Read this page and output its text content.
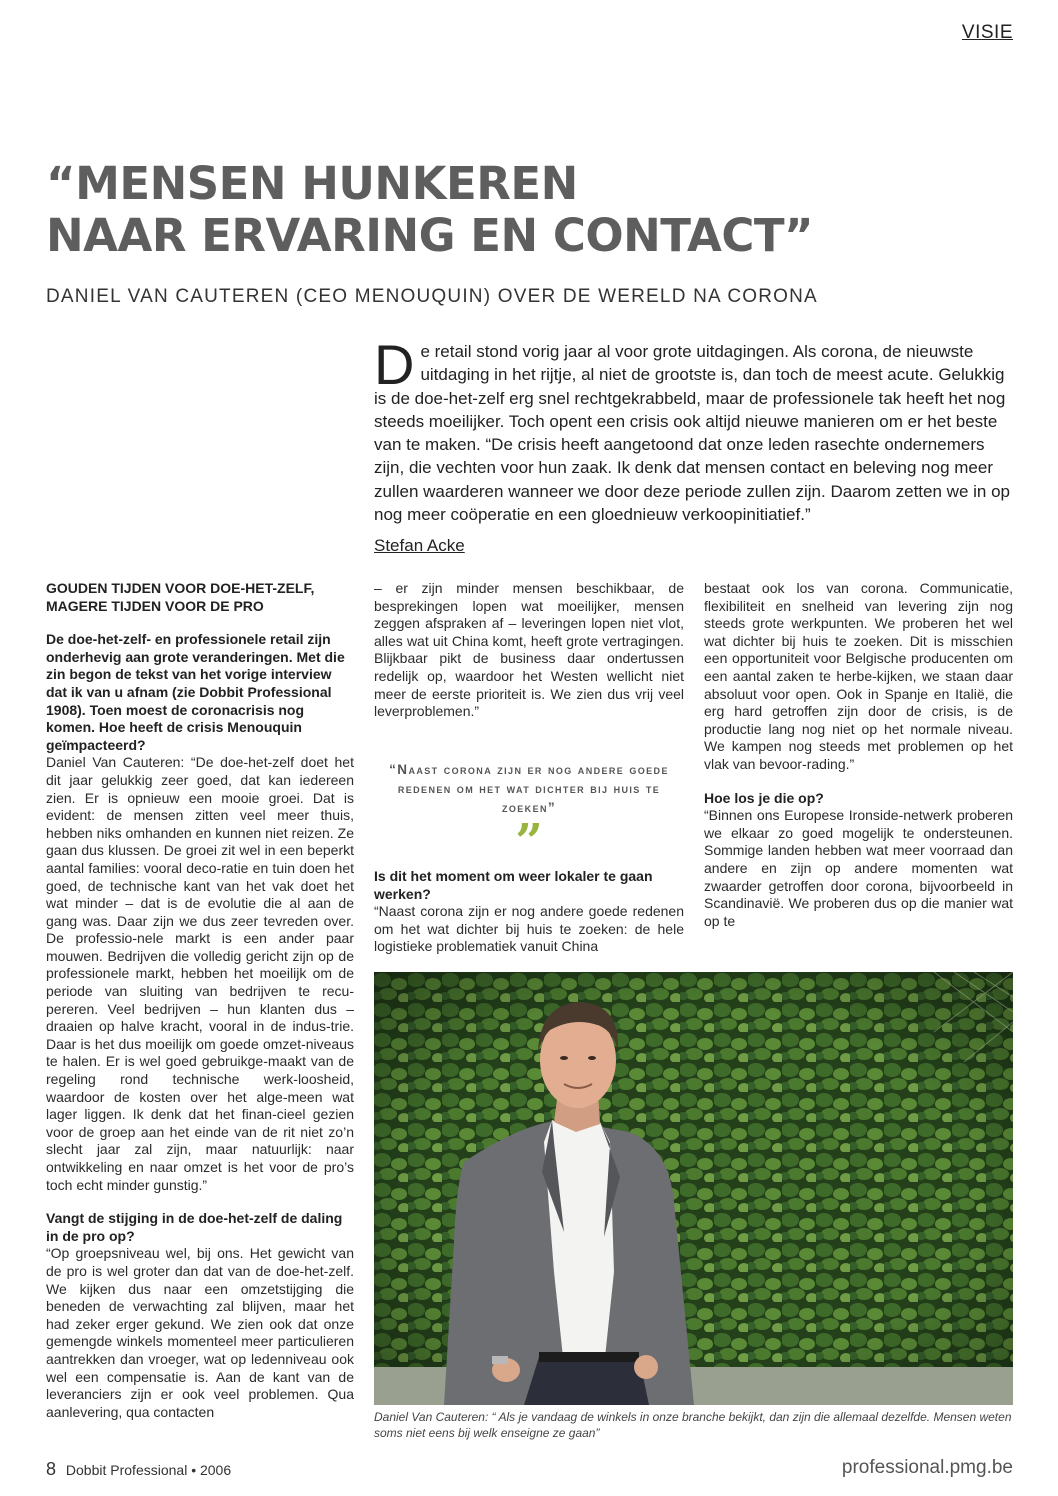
VISIE
“MENSEN HUNKEREN
NAAR ERVARING EN CONTACT”
DANIEL VAN CAUTEREN (CEO MENOUQUIN) OVER DE WERELD NA CORONA
De retail stond vorig jaar al voor grote uitdagingen. Als corona, de nieuwste uitdaging in het rijtje, al niet de grootste is, dan toch de meest acute. Gelukkig is de doe-het-zelf erg snel rechtgekrabbeld, maar de professionele tak heeft het nog steeds moeilijker. Toch opent een crisis ook altijd nieuwe manieren om er het beste van te maken. “De crisis heeft aangetoond dat onze leden rasechte ondernemers zijn, die vechten voor hun zaak. Ik denk dat mensen contact en beleving nog meer zullen waarderen wanneer we door deze periode zullen zijn. Daarom zetten we in op nog meer coöperatie en een gloednieuw verkoopinitiatief.”
Stefan Acke

GOUDEN TIJDEN VOOR DOE-HET-ZELF, MAGERE TIJDEN VOOR DE PRO

De doe-het-zelf- en professionele retail zijn onderhevig aan grote veranderingen. Met die zin begon de tekst van het vorige interview dat ik van u afnam (zie Dobbit Professional 1908). Toen moest de coronacrisis nog komen. Hoe heeft de crisis Menouquin geïmpacteerd?

Daniel Van Cauteren: “De doe-het-zelf doet het dit jaar gelukkig zeer goed, dat kan iedereen zien. Er is opnieuw een mooie groei. Dat is evident: de mensen zitten veel meer thuis, hebben niks omhanden en kunnen niet reizen. Ze gaan dus klussen. De groei zit wel in een beperkt aantal families: vooral deco-ratie en tuin doen het goed, de technische kant van het vak doet het wat minder – dat is de evolutie die al aan de gang was. Daar zijn we dus zeer tevreden over. De professio-nele markt is een ander paar mouwen. Bedrijven die volledig gericht zijn op de professionele markt, hebben het moeilijk om de periode van sluiting van bedrijven te recu-pereren. Veel bedrijven – hun klanten dus – draaien op halve kracht, vooral in de indus-trie. Daar is het dus moeilijk om goede omzet-niveaus te halen. Er is wel goed gebruikge-maakt van de regeling rond technische werk-loosheid, waardoor de kosten over het alge-meen wat lager liggen. Ik denk dat het finan-cieel gezien voor de groep aan het einde van de rit niet zo’n slecht jaar zal zijn, maar natuurlijk: naar ontwikkeling en naar omzet is het voor de pro’s toch echt minder gunstig.”

Vangt de stijging in de doe-het-zelf de daling in de pro op?

“Op groepsniveau wel, bij ons. Het gewicht van de pro is wel groter dan dat van de doe-het-zelf. We kijken dus naar een omzetstijging die beneden de verwachting zal blijven, maar het had zeker erger gekund. We zien ook dat onze gemengde winkels momenteel meer particulieren aantrekken dan vroeger, wat op ledenniveau ook wel een compensatie is. Aan de kant van de leveranciers zijn er ook veel problemen. Qua aanlevering, qua contacten

– er zijn minder mensen beschikbaar, de besprekingen lopen wat moeilijker, mensen zeggen afspraken af – leveringen lopen niet vlot, alles wat uit China komt, heeft grote vertragingen. Blijkbaar pikt de business daar ondertussen redelijk op, waardoor het Westen wellicht niet meer de eerste prioriteit is. We zien dus vrij veel leverproblemen.”

“Naast corona zijn er nog andere goede redenen om het wat dichter bij huis te zoeken”
”

Is dit het moment om weer lokaler te gaan werken?

“Naast corona zijn er nog andere goede redenen om het wat dichter bij huis te zoeken: de hele logistieke problematiek vanuit China

bestaat ook los van corona. Communicatie, flexibiliteit en snelheid van levering zijn nog steeds grote werkpunten. We proberen het wel wat dichter bij huis te zoeken. Dit is misschien een opportuniteit voor Belgische producenten om een aantal zaken te herbe-kijken, we staan daar absoluut voor open. Ook in Spanje en Italië, die erg hard getroffen zijn door de crisis, is de productie lang nog niet op het normale niveau. We kampen nog steeds met problemen op het vlak van bevoor-rading.”

Hoe los je die op?

“Binnen ons Europese Ironside-netwerk proberen we elkaar zo goed mogelijk te ondersteunen. Sommige landen hebben wat meer voorraad dan andere en zijn op andere momenten wat zwaarder getroffen door corona, bijvoorbeeld in Scandinavië. We proberen dus op die manier wat op te

Daniel Van Cauteren: “ Als je vandaag de winkels in onze branche bekijkt, dan zijn die allemaal dezelfde. Mensen weten soms niet eens bij welk enseigne ze gaan”
8 Dobbit Professional • 2006	professional.pmg.be
